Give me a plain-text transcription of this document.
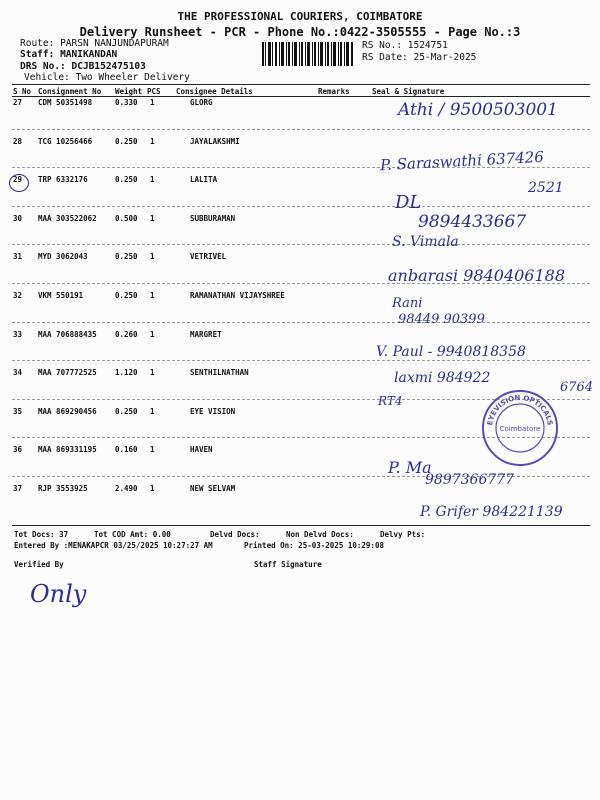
THE PROFESSIONAL COURIERS, COIMBATORE
Delivery Runsheet - PCR - Phone No.:0422-3505555 - Page No.:3
Route: PARSN NANJUNDAPURAM
Staff: MANIKANDAN
DRS No.: DCJB152475103
Vehicle: Two Wheeler Delivery
RS No.: 1524751
RS Date: 25-Mar-2025
S No Consignment No Weight PCS Consignee Details	Remarks	Seal & Signature
27 CDM 50351498	0.330 1	GLORG
28 TCG 10256466	0.250 1	JAYALAKSHMI
29 TRP 6332176	0.250 1	LALITA
30 MAA 303522062 0.500 1	SUBBURAMAN
31 MYD 3062043	0.250 1	VETRIVEL
32 VKM 550191	0.250 1	RAMANATHAN VIJAYSHREE
33 MAA 706888435 0.260 1	MARGRET
34 MAA 707772525 1.120 1	SENTHILNATHAN
35 MAA 869290456 0.250 1	EYE VISION
36 MAA 869331195 0.160 1	HAVEN
37 RJP 3553925	2.490 1	NEW SELVAM
Athi / 9500503001
P. Saraswathi 637426
2521
DL
9894433667
S. Vimala
anbarasi 9840406188
Rani
98449 90399
V. Paul - 9940818358
laxmi 984922
6764
RT4
P. Ma
9897366777
P. Grifer 984221139
EYEVISION OPTICALS
Coimbatore
Tot Docs: 37	Tot COD Amt: 0.00	Delvd Docs:	Non Delvd Docs:	Delvy Pts:
Entered By :MENAKAPCR 03/25/2025 10:27:27 AM	Printed On: 25-03-2025 10:29:08
Verified By	Staff Signature
Only
